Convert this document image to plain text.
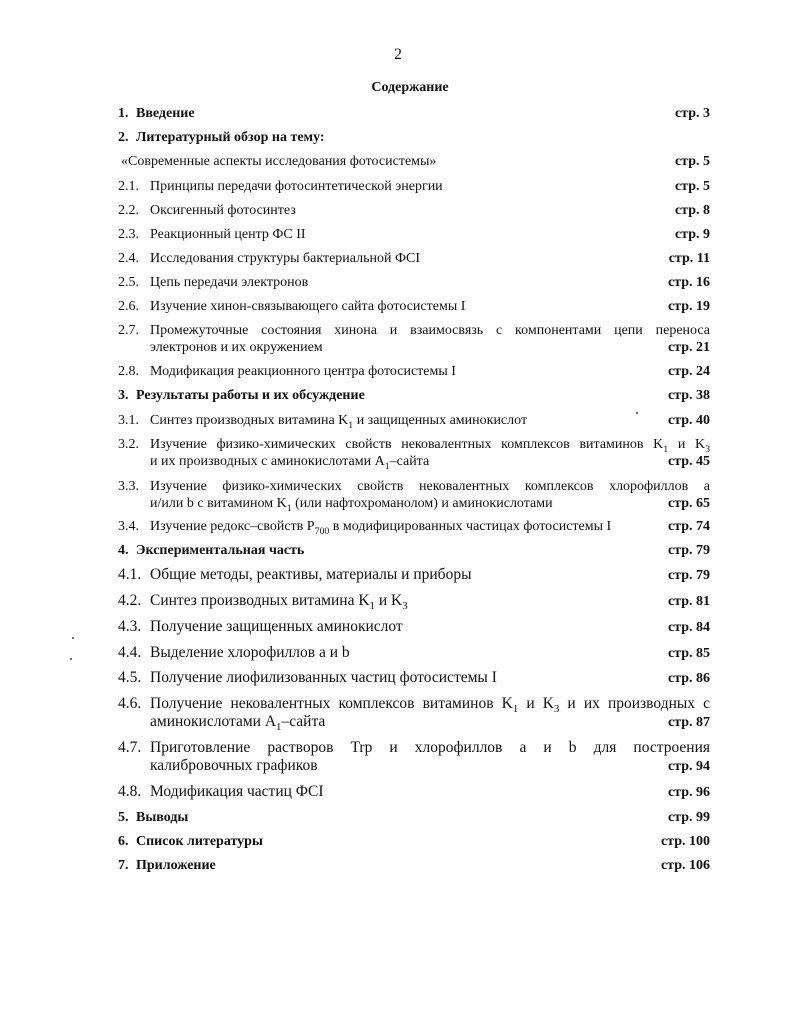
2
Содержание
1. Введение	стр. 3
2. Литературный обзор на тему:
«Современные аспекты исследования фотосистемы»	стр. 5
2.1. Принципы передачи фотосинтетической энергии	стр. 5
2.2. Оксигенный фотосинтез	стр. 8
2.3. Реакционный центр ФС II	стр. 9
2.4. Исследования структуры бактериальной ФСI	стр. 11
2.5. Цепь передачи электронов	стр. 16
2.6. Изучение хинон-связывающего сайта фотосистемы I	стр. 19
2.7. Промежуточные состояния хинона и взаимосвязь с компонентами цепи переноса
электронов и их окружением	стр. 21
2.8. Модификация реакционного центра фотосистемы I	стр. 24
3. Результаты работы и их обсуждение	стр. 38
3.1. Синтез производных витамина $K_1$ и защищенных аминокислот	стр. 40
3.2. Изучение физико-химических свойств нековалентных комплексов витаминов $K_1$ и $K_3$
и их производных с аминокислотами $A_1$–сайта	стр. 45
3.3. Изучение физико-химических свойств нековалентных комплексов хлорофиллов a
и/или b с витамином $K_1$ (или нафтохроманолом) и аминокислотами	стр. 65
3.4. Изучение редокс–свойств $P_{700}$ в модифицированных частицах фотосистемы I	стр. 74
4. Экспериментальная часть	стр. 79
4.1. Общие методы, реактивы, материалы и приборы	стр. 79
4.2. Синтез производных витамина $K_1$ и $K_3$	стр. 81
4.3. Получение защищенных аминокислот	стр. 84
4.4. Выделение хлорофиллов a и b	стр. 85
4.5. Получение лиофилизованных частиц фотосистемы I	стр. 86
4.6. Получение нековалентных комплексов витаминов $K_1$ и $K_3$ и их производных с
аминокислотами $A_1$–сайта	стр. 87
4.7. Приготовление растворов Trp и хлорофиллов a и b для построения
калибровочных графиков	стр. 94
4.8. Модификация частиц ФСI	стр. 96
5. Выводы	стр. 99
6. Список литературы	стр. 100
7. Приложение	стр. 106
